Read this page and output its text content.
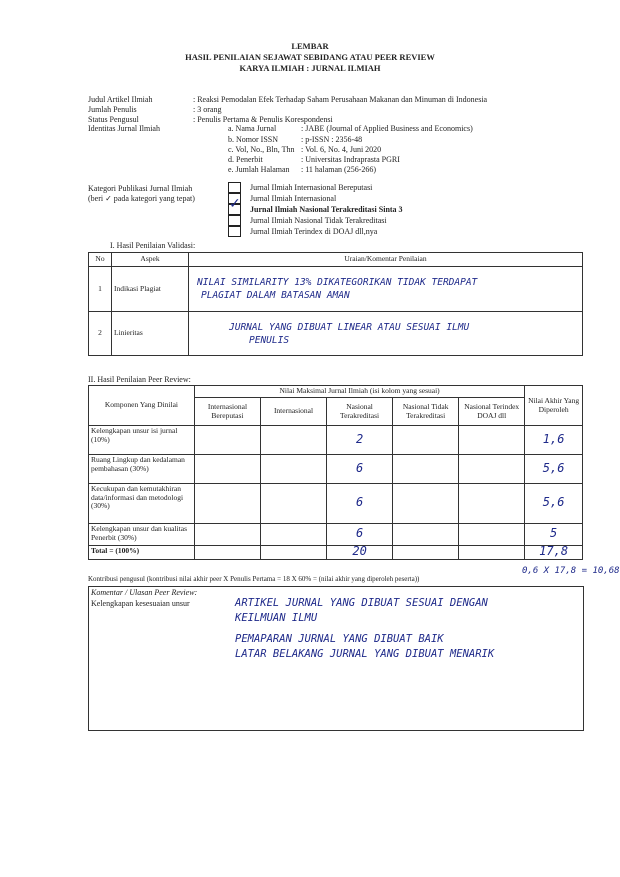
LEMBAR
HASIL PENILAIAN SEJAWAT SEBIDANG ATAU PEER REVIEW
KARYA ILMIAH : JURNAL ILMIAH
Judul Artikel Ilmiah	: Reaksi Pemodalan Efek Terhadap Saham Perusahaan Makanan dan Minuman di Indonesia
Jumlah Penulis	: 3 orang
Status Pengusul	: Penulis Pertama & Penulis Korespondensi
Identitas Jurnal Ilmiah	a. Nama Jurnal	: JABE (Journal of Applied Business and Economics)
b. Nomor ISSN	: p-ISSN : 2356-48
c. Vol, No., Bln, Thn : Vol. 6, No. 4, Juni 2020
d. Penerbit	: Universitas Indraprasta PGRI
e. Jumlah Halaman : 11 halaman (256-266)
Kategori Publikasi Jurnal Ilmiah
(beri ✓ pada kategori yang tepat)
Jurnal Ilmiah Internasional Bereputasi
Jurnal Ilmiah Internasional
✓ Jurnal Ilmiah Nasional Terakreditasi Sinta 3
Jurnal Ilmiah Nasional Tidak Terakreditasi
Jurnal Ilmiah Terindex di DOAJ dll,nya
I. Hasil Penilaian Validasi:
No	Aspek	Uraian/Komentar Penilaian
1	Indikasi Plagiat	NILAI SIMILARITY 13% DIKATEGORIKAN TIDAK TERDAPAT
PLAGIAT DALAM BATASAN AMAN

2	Linieritas	JURNAL YANG DIBUAT LINEAR ATAU SESUAI ILMU
PENULIS
II. Hasil Penilaian Peer Review:
Komponen Yang Dinilai	Nilai Maksimal Jurnal Ilmiah (isi kolom yang sesuai)					Nilai Akhir Yang Diperoleh
	Internasional Bereputasi	Internasional	Nasional Terakreditasi	Nasional Tidak Terakreditasi	Nasional Terindex DOAJ dll	
Kelengkapan unsur isi jurnal (10%)			2			1,6
Ruang Lingkup dan kedalaman pembahasan (30%)			6			5,6
Kecukupan dan kemutakhiran data/informasi dan metodologi (30%)			6			5,6
Kelengkapan unsur dan kualitas Penerbit (30%)			6			5
Total = (100%)			20			17,8
Kontribusi pengusul (kontribusi nilai akhir peer X Penulis Pertama = 18 X 60% = (nilai akhir yang diperoleh peserta))
0,6 X 17,8 = 10,68
Komentar / Ulasan Peer Review:
Kelengkapan kesesuaian unsur	ARTIKEL JURNAL YANG DIBUAT SESUAI DENGAN
KEILMUAN ILMU
PEMAPARAN JURNAL YANG DIBUAT BAIK
LATAR BELAKANG JURNAL YANG DIBUAT MENARIK
